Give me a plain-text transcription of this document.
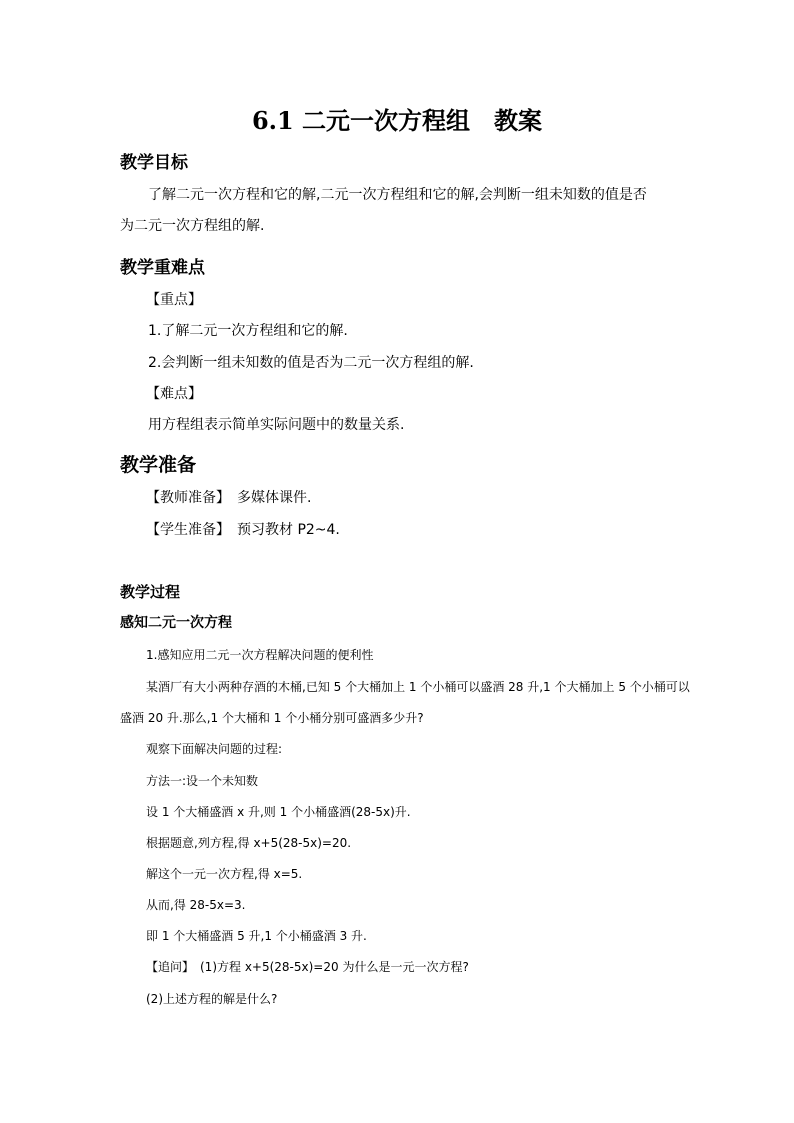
6.1 二元一次方程组　教案
教学目标
了解二元一次方程和它的解,二元一次方程组和它的解,会判断一组未知数的值是否
为二元一次方程组的解.
教学重难点
【重点】
1.了解二元一次方程组和它的解.
2.会判断一组未知数的值是否为二元一次方程组的解.
【难点】
用方程组表示简单实际问题中的数量关系.
教学准备
【教师准备】　多媒体课件.
【学生准备】　预习教材 P2~4.
教学过程
感知二元一次方程
1.感知应用二元一次方程解决问题的便利性
某酒厂有大小两种存酒的木桶,已知 5 个大桶加上 1 个小桶可以盛酒 28 升,1 个大桶加上 5 个小桶可以
盛酒 20 升.那么,1 个大桶和 1 个小桶分别可盛酒多少升?
观察下面解决问题的过程:
方法一:设一个未知数
设 1 个大桶盛酒 x 升,则 1 个小桶盛酒(28-5x)升.
根据题意,列方程,得 x+5(28-5x)=20.
解这个一元一次方程,得 x=5.
从而,得 28-5x=3.
即 1 个大桶盛酒 5 升,1 个小桶盛酒 3 升.
【追问】　(1)方程 x+5(28-5x)=20 为什么是一元一次方程?
(2)上述方程的解是什么?
